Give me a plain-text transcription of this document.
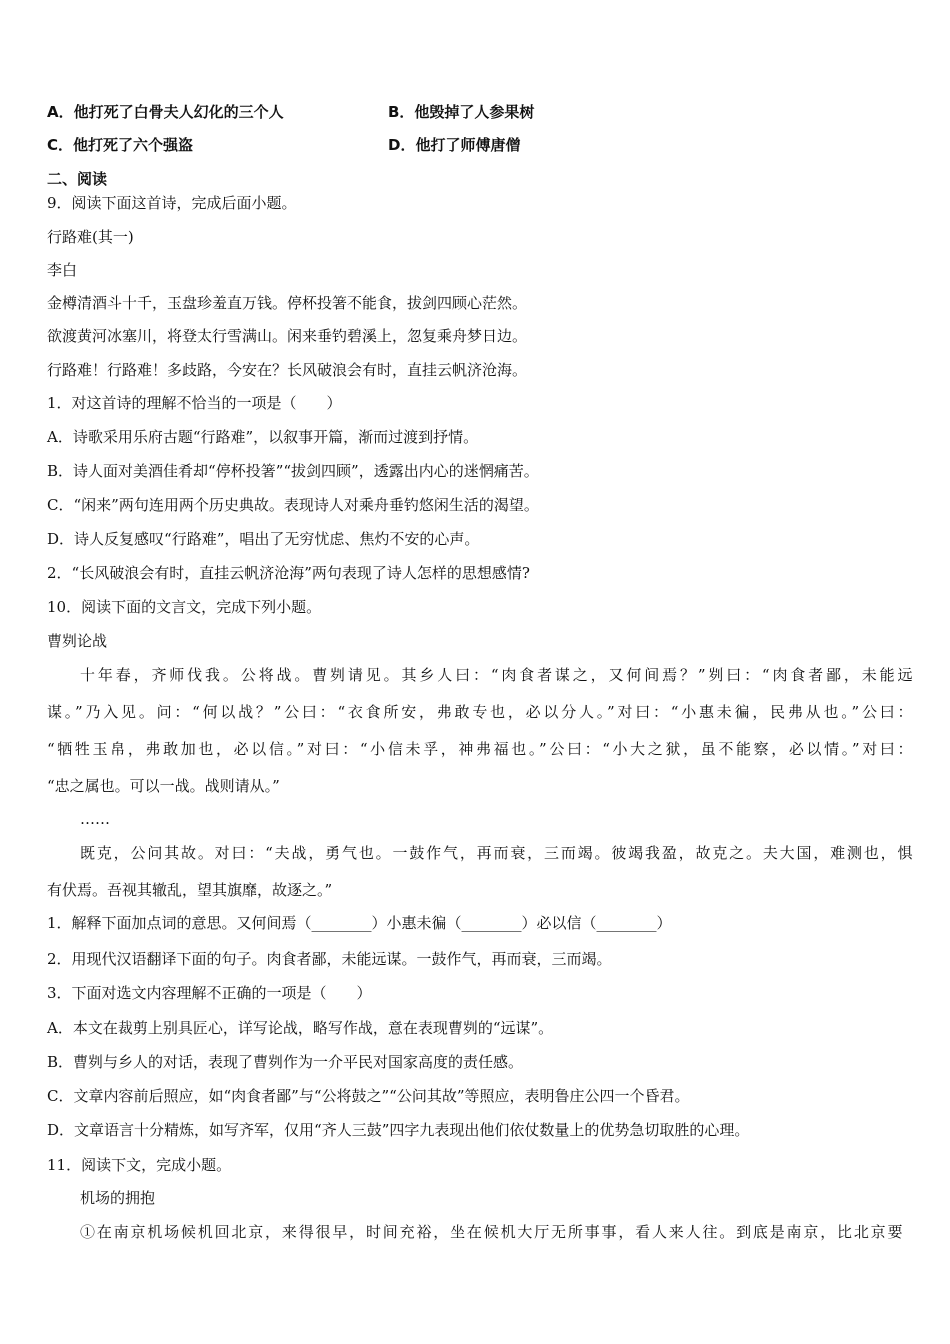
A．他打死了白骨夫人幻化的三个人	B．他毁掉了人参果树
C．他打死了六个强盗	D．他打了师傅唐僧
二、阅读
9．阅读下面这首诗，完成后面小题。
行路难(其一)
李白
金樽清酒斗十千，玉盘珍羞直万钱。停杯投箸不能食，拔剑四顾心茫然。
欲渡黄河冰塞川，将登太行雪满山。闲来垂钓碧溪上，忽复乘舟梦日边。
行路难！行路难！多歧路，今安在？长风破浪会有时，直挂云帆济沧海。
1．对这首诗的理解不恰当的一项是（　　）
A．诗歌采用乐府古题“行路难”，以叙事开篇，渐而过渡到抒情。
B．诗人面对美酒佳肴却“停杯投箸”“拔剑四顾”，透露出内心的迷惘痛苦。
C．“闲来”两句连用两个历史典故。表现诗人对乘舟垂钓悠闲生活的渴望。
D．诗人反复感叹“行路难”，唱出了无穷忧虑、焦灼不安的心声。
2．“长风破浪会有时，直挂云帆济沧海”两句表现了诗人怎样的思想感情?
10．阅读下面的文言文，完成下列小题。
曹刿论战
十年春，齐师伐我。公将战。曹刿请见。其乡人曰：“肉食者谋之，又何间焉？”刿曰：“肉食者鄙，未能远
谋。”乃入见。问：“何以战？”公曰：“衣食所安，弗敢专也，必以分人。”对曰：“小惠未徧，民弗从也。”公曰：
“牺牲玉帛，弗敢加也，必以信。”对曰：“小信未孚，神弗福也。”公曰：“小大之狱，虽不能察，必以情。”对曰：
“忠之属也。可以一战。战则请从。”
……
既克，公问其故。对曰：“夫战，勇气也。一鼓作气，再而衰，三而竭。彼竭我盈，故克之。夫大国，难测也，惧
有伏焉。吾视其辙乱，望其旗靡，故逐之。”
1．解释下面加点词的意思。又何间焉（________）小惠未徧（________）必以信（________）
2．用现代汉语翻译下面的句子。肉食者鄙，未能远谋。一鼓作气，再而衰，三而竭。
3．下面对选文内容理解不正确的一项是（　　）
A．本文在裁剪上别具匠心，详写论战，略写作战，意在表现曹刿的“远谋”。
B．曹刿与乡人的对话，表现了曹刿作为一介平民对国家高度的责任感。
C．文章内容前后照应，如“肉食者鄙”与“公将鼓之”“公问其故”等照应，表明鲁庄公四一个昏君。
D．文章语言十分精炼，如写齐军，仅用“齐人三鼓”四字九表现出他们依仗数量上的优势急切取胜的心理。
11．阅读下文，完成小题。
机场的拥抱
①在南京机场候机回北京，来得很早，时间充裕，坐在候机大厅无所事事，看人来人往。到底是南京，比北京要
